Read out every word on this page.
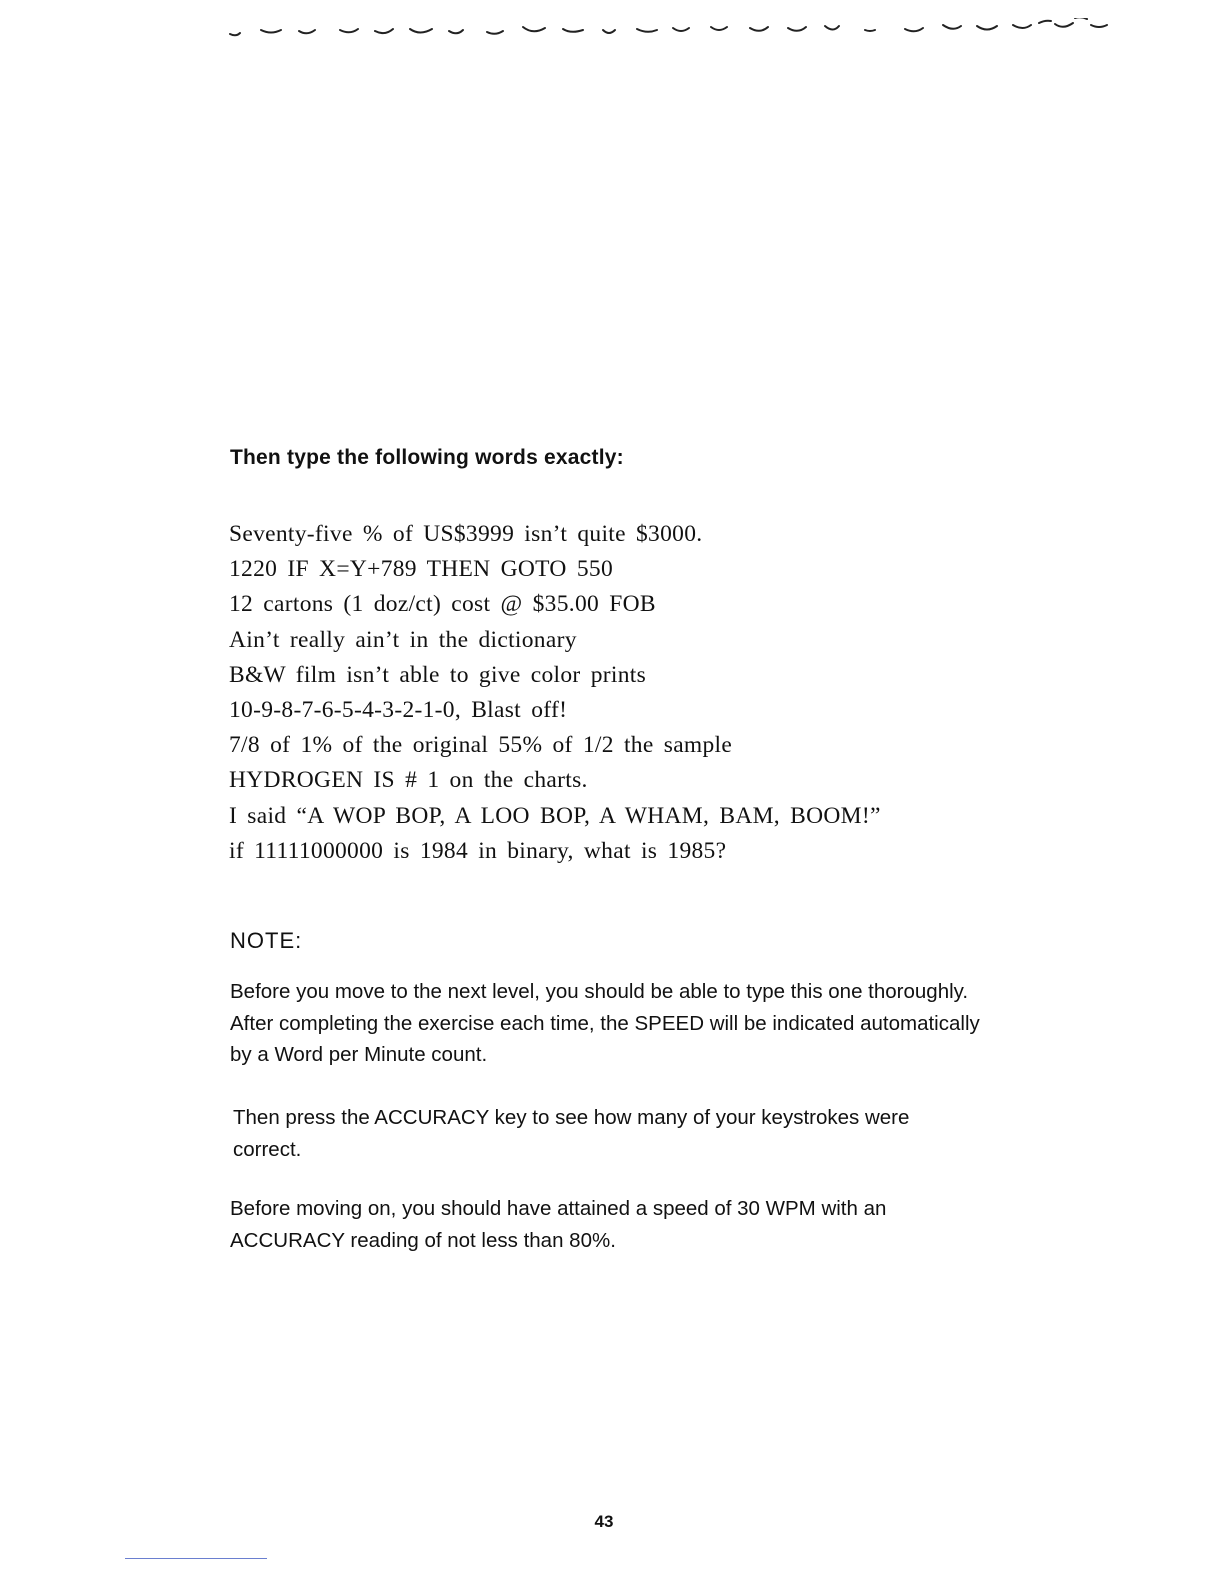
Then type the following words exactly:

Seventy-five % of US$3999 isn’t quite $3000.
1220 IF X=Y+789 THEN GOTO 550
12 cartons (1 doz/ct) cost @ $35.00 FOB
Ain’t really ain’t in the dictionary
B&W film isn’t able to give color prints
10-9-8-7-6-5-4-3-2-1-0, Blast off!
7/8 of 1% of the original 55% of 1/2 the sample
HYDROGEN IS # 1 on the charts.
I said “A WOP BOP, A LOO BOP, A WHAM, BAM, BOOM!”
if 11111000000 is 1984 in binary, what is 1985?
NOTE:

Before you move to the next level, you should be able to type this one thoroughly. After completing the exercise each time, the SPEED will be indicated automatically by a Word per Minute count.

Then press the ACCURACY key to see how many of your keystrokes were correct.

Before moving on, you should have attained a speed of 30 WPM with an ACCURACY reading of not less than 80%.

43
